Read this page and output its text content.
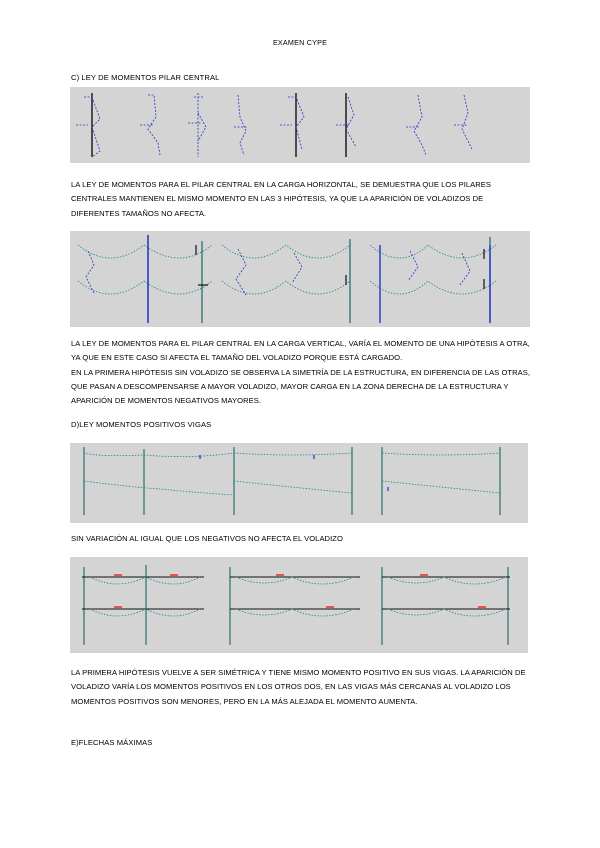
EXAMEN CYPE
C) LEY DE MOMENTOS PILAR CENTRAL

LA LEY DE MOMENTOS PARA EL PILAR CENTRAL EN LA CARGA HORIZONTAL, SE DEMUESTRA QUE LOS PILARES CENTRALES MANTIENEN EL MISMO MOMENTO EN LAS 3 HIPÓTESIS, YA QUE LA APARICIÓN DE VOLADIZOS DE DIFERENTES TAMAÑOS NO AFECTA.

LA LEY DE MOMENTOS PARA EL PILAR CENTRAL EN LA CARGA VERTICAL, VARÍA EL MOMENTO DE UNA HIPÓTESIS A OTRA, YA QUE EN ESTE CASO SI AFECTA EL TAMAÑO DEL VOLADIZO PORQUE ESTÁ CARGADO.

EN LA PRIMERA HIPÓTESIS SIN VOLADIZO SE OBSERVA LA SIMETRÍA DE LA ESTRUCTURA, EN DIFERENCIA DE LAS OTRAS, QUE PASAN A DESCOMPENSARSE A MAYOR VOLADIZO, MAYOR CARGA EN LA ZONA DERECHA DE LA ESTRUCTURA Y APARICIÓN DE MOMENTOS NEGATIVOS MAYORES.

D)LEY MOMENTOS POSITIVOS VIGAS

SIN VARIACIÓN AL IGUAL QUE LOS NEGATIVOS NO AFECTA EL VOLADIZO

LA PRIMERA HIPÓTESIS VUELVE A SER SIMÉTRICA Y TIENE MISMO MOMENTO POSITIVO EN SUS VIGAS. LA APARICIÓN DE VOLADIZO VARÍA LOS MOMENTOS POSITIVOS EN LOS OTROS DOS, EN LAS VIGAS MÁS CERCANAS AL VOLADIZO LOS MOMENTOS POSITIVOS SON MENORES, PERO EN LA MÁS ALEJADA EL MOMENTO AUMENTA.

E)FLECHAS MÁXIMAS
